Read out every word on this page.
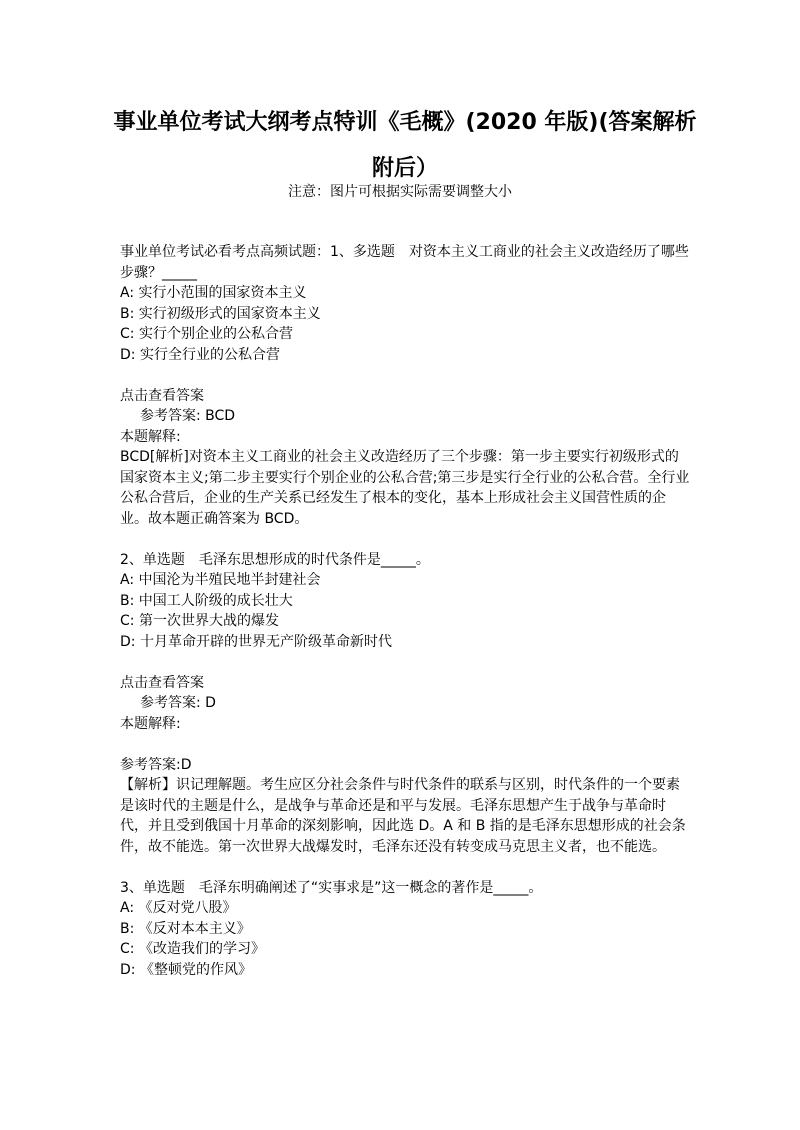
事业单位考试大纲考点特训《毛概》(2020 年版)(答案解析附后）
注意：图片可根据实际需要调整大小

事业单位考试必看考点高频试题：1、多选题　对资本主义工商业的社会主义改造经历了哪些步骤？_____

A: 实行小范围的国家资本主义

B: 实行初级形式的国家资本主义

C: 实行个别企业的公私合营

D: 实行全行业的公私合营

点击查看答案

参考答案: BCD

本题解释:

BCD[解析]对资本主义工商业的社会主义改造经历了三个步骤：第一步主要实行初级形式的国家资本主义;第二步主要实行个别企业的公私合营;第三步是实行全行业的公私合营。全行业公私合营后，企业的生产关系已经发生了根本的变化，基本上形成社会主义国营性质的企业。故本题正确答案为 BCD。

2、单选题　毛泽东思想形成的时代条件是_____。

A: 中国沦为半殖民地半封建社会

B: 中国工人阶级的成长壮大

C: 第一次世界大战的爆发

D: 十月革命开辟的世界无产阶级革命新时代

点击查看答案

参考答案: D

本题解释:

参考答案:D

【解析】识记理解题。考生应区分社会条件与时代条件的联系与区别，时代条件的一个要素是该时代的主题是什么，是战争与革命还是和平与发展。毛泽东思想产生于战争与革命时代，并且受到俄国十月革命的深刻影响，因此选 D。A 和 B 指的是毛泽东思想形成的社会条件，故不能选。第一次世界大战爆发时，毛泽东还没有转变成马克思主义者，也不能选。

3、单选题　毛泽东明确阐述了“实事求是”这一概念的著作是_____。

A: 《反对党八股》

B: 《反对本本主义》

C: 《改造我们的学习》

D: 《整顿党的作风》
